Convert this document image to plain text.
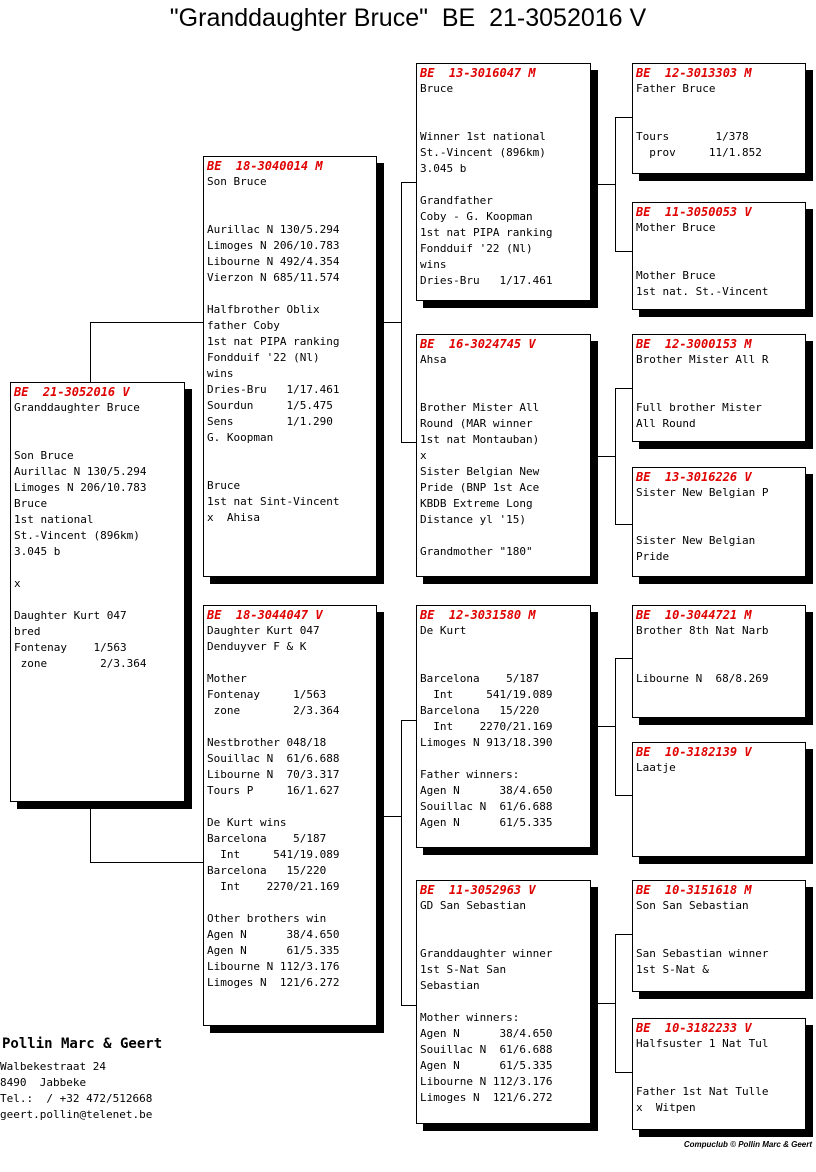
"Granddaughter Bruce"  BE  21-3052016 V
BE  21-3052016 V
Granddaughter Bruce

Son Bruce
Aurillac N 130/5.294
Limoges N 206/10.783
Bruce
1st national
St.-Vincent (896km)
3.045 b

x

Daughter Kurt 047
bred
Fontenay    1/563
zone        2/3.364
BE  18-3040014 M
Son Bruce

Aurillac N 130/5.294
Limoges N 206/10.783
Libourne N 492/4.354
Vierzon N 685/11.574

Halfbrother Oblix
father Coby
1st nat PIPA ranking
Fondduif '22 (Nl)
wins
Dries-Bru   1/17.461
Sourdun     1/5.475
Sens        1/1.290
G. Koopman

Bruce
1st nat Sint-Vincent
x  Ahisa
BE  18-3044047 V
Daughter Kurt 047
Denduyver F & K

Mother
Fontenay     1/563
zone        2/3.364

Nestbrother 048/18
Souillac N  61/6.688
Libourne N  70/3.317
Tours P     16/1.627

De Kurt wins
Barcelona    5/187
Int     541/19.089
Barcelona   15/220
Int    2270/21.169

Other brothers win
Agen N      38/4.650
Agen N      61/5.335
Libourne N 112/3.176
Limoges N  121/6.272
BE  13-3016047 M
Bruce

Winner 1st national
St.-Vincent (896km)
3.045 b

Grandfather
Coby - G. Koopman
1st nat PIPA ranking
Fondduif '22 (Nl)
wins
Dries-Bru   1/17.461
BE  16-3024745 V
Ahsa

Brother Mister All
Round (MAR winner
1st nat Montauban)
x
Sister Belgian New
Pride (BNP 1st Ace
KBDB Extreme Long
Distance yl '15)

Grandmother "180"
BE  12-3031580 M
De Kurt

Barcelona    5/187
Int     541/19.089
Barcelona   15/220
Int    2270/21.169
Limoges N 913/18.390

Father winners:
Agen N      38/4.650
Souillac N  61/6.688
Agen N      61/5.335
BE  11-3052963 V
GD San Sebastian

Granddaughter winner
1st S-Nat San
Sebastian

Mother winners:
Agen N      38/4.650
Souillac N  61/6.688
Agen N      61/5.335
Libourne N 112/3.176
Limoges N  121/6.272
BE  12-3013303 M
Father Bruce

Tours       1/378
prov     11/1.852
BE  11-3050053 V
Mother Bruce

Mother Bruce
1st nat. St.-Vincent
BE  12-3000153 M
Brother Mister All R

Full brother Mister
All Round
BE  13-3016226 V
Sister New Belgian P

Sister New Belgian
Pride
BE  10-3044721 M
Brother 8th Nat Narb

Libourne N  68/8.269
BE  10-3182139 V
Laatje
BE  10-3151618 M
Son San Sebastian

San Sebastian winner
1st S-Nat &
BE  10-3182233 V
Halfsuster 1 Nat Tul

Father 1st Nat Tulle
x  Witpen
Pollin Marc & Geert
Walbekestraat 24
8490  Jabbeke
Tel.:  / +32 472/512668
geert.pollin@telenet.be
Compuclub © Pollin Marc & Geert
